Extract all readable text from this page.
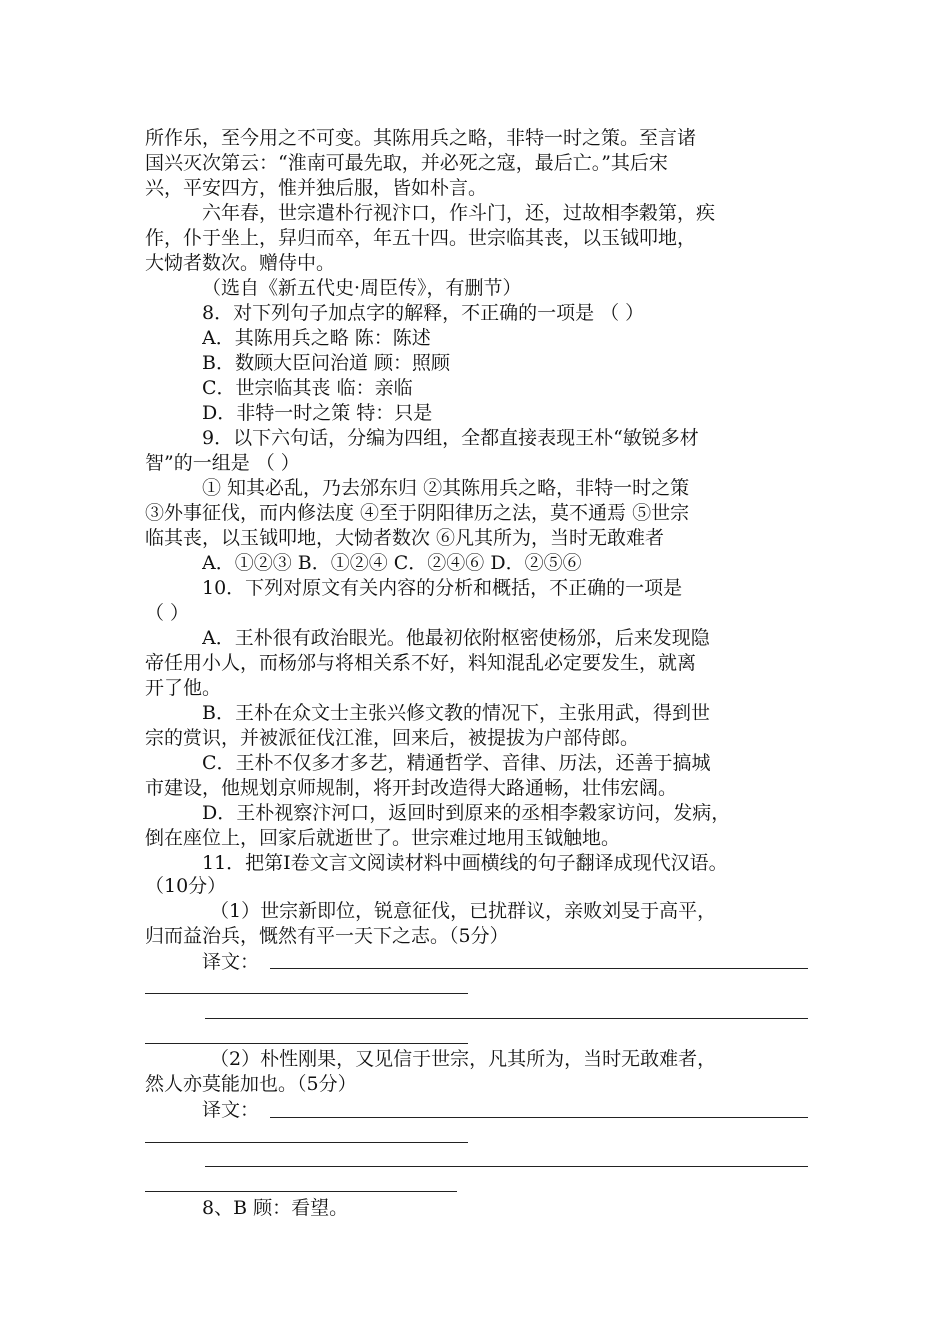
所作乐，至今用之不可变。其陈用兵之略，非特一时之策。至言诸
国兴灭次第云：“淮南可最先取，并必死之寇，最后亡。”其后宋
兴，平安四方，惟并独后服，皆如朴言。
六年春，世宗遣朴行视汴口，作斗门，还，过故相李穀第，疾
作，仆于坐上，舁归而卒，年五十四。世宗临其丧，以玉钺叩地，
大恸者数次。赠侍中。
（选自《新五代史·周臣传》，有删节）
8．对下列句子加点字的解释，不正确的一项是 （ ）
A．其陈用兵之略 陈：陈述
B．数顾大臣问治道 顾：照顾
C．世宗临其丧 临：亲临
D．非特一时之策 特：只是
9．以下六句话，分编为四组，全都直接表现王朴“敏锐多材
智”的一组是 （ ）
① 知其必乱，乃去邠东归 ②其陈用兵之略，非特一时之策
③外事征伐，而内修法度 ④至于阴阳律历之法，莫不通焉 ⑤世宗
临其丧，以玉钺叩地，大恸者数次 ⑥凡其所为，当时无敢难者
A．①②③ B．①②④ C．②④⑥ D．②⑤⑥
10．下列对原文有关内容的分析和概括，不正确的一项是
（ ）
A．王朴很有政治眼光。他最初依附枢密使杨邠，后来发现隐
帝任用小人，而杨邠与将相关系不好，料知混乱必定要发生，就离
开了他。
B．王朴在众文士主张兴修文教的情况下，主张用武，得到世
宗的赏识，并被派征伐江淮，回来后，被提拔为户部侍郎。
C．王朴不仅多才多艺，精通哲学、音律、历法，还善于搞城
市建设，他规划京师规制，将开封改造得大路通畅，壮伟宏阔。
D．王朴视察汴河口，返回时到原来的丞相李穀家访问，发病，
倒在座位上，回家后就逝世了。世宗难过地用玉钺触地。
11．把第Ⅰ卷文言文阅读材料中画横线的句子翻译成现代汉语。
（10分）
（1）世宗新即位，锐意征伐，已扰群议，亲败刘旻于高平，
归而益治兵，慨然有平一天下之志。（5分）
译文：
（2）朴性刚果，又见信于世宗，凡其所为，当时无敢难者，
然人亦莫能加也。（5分）
译文：
8、B 顾：看望。
